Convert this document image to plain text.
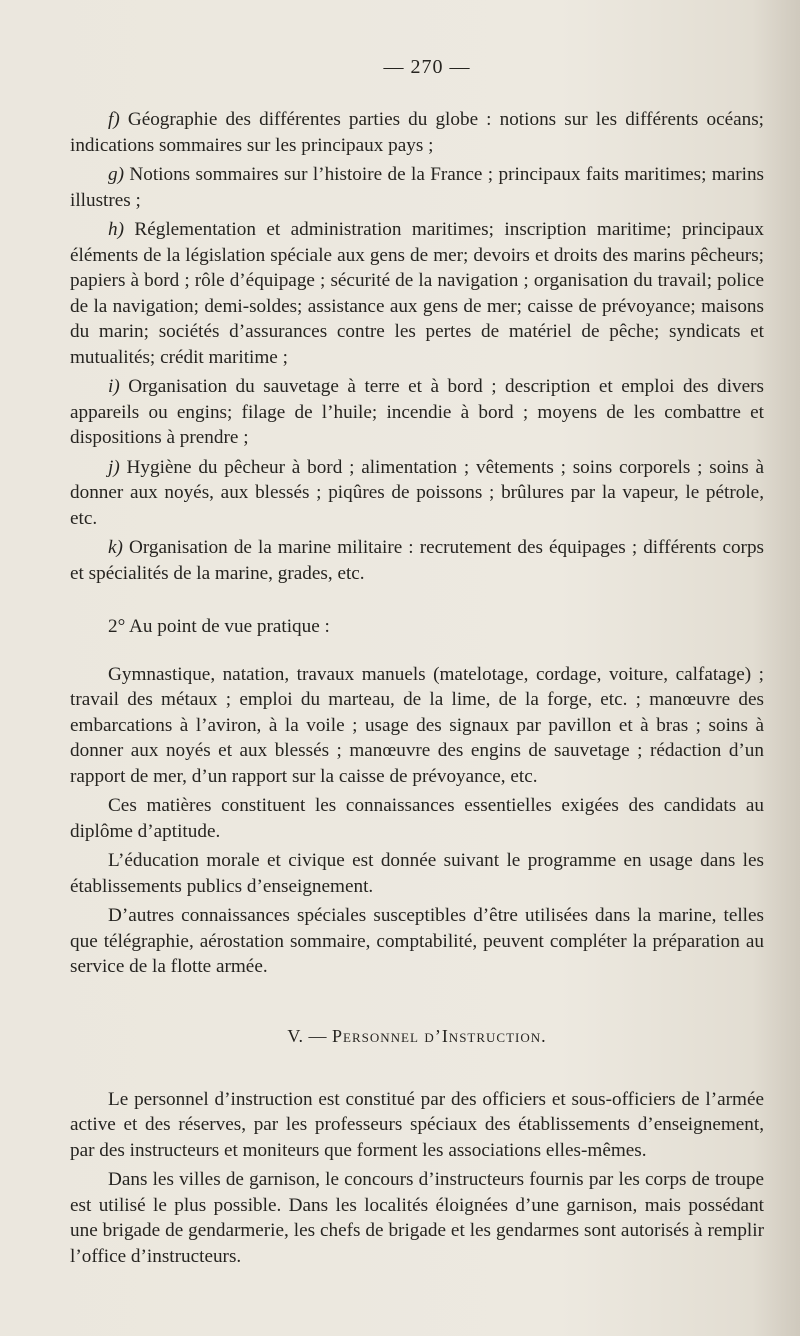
— 270 —

f) Géographie des différentes parties du globe : notions sur les différents océans; indications sommaires sur les principaux pays ;

g) Notions sommaires sur l’histoire de la France ; principaux faits maritimes; marins illustres ;

h) Réglementation et administration maritimes; inscription maritime; principaux éléments de la législation spéciale aux gens de mer; devoirs et droits des marins pêcheurs; papiers à bord ; rôle d’équipage ; sécurité de la navigation ; organisation du travail; police de la navigation; demi-soldes; assistance aux gens de mer; caisse de prévoyance; maisons du marin; sociétés d’assurances contre les pertes de matériel de pêche; syndicats et mutualités; crédit maritime ;

i) Organisation du sauvetage à terre et à bord ; description et emploi des divers appareils ou engins; filage de l’huile; incendie à bord ; moyens de les combattre et dispositions à prendre ;

j) Hygiène du pêcheur à bord ; alimentation ; vêtements ; soins corporels ; soins à donner aux noyés, aux blessés ; piqûres de poissons ; brûlures par la vapeur, le pétrole, etc.

k) Organisation de la marine militaire : recrutement des équipages ; différents corps et spécialités de la marine, grades, etc.

2° Au point de vue pratique :

Gymnastique, natation, travaux manuels (matelotage, cordage, voiture, calfatage) ; travail des métaux ; emploi du marteau, de la lime, de la forge, etc. ; manœuvre des embarcations à l’aviron, à la voile ; usage des signaux par pavillon et à bras ; soins à donner aux noyés et aux blessés ; manœuvre des engins de sauvetage ; rédaction d’un rapport de mer, d’un rapport sur la caisse de prévoyance, etc.

Ces matières constituent les connaissances essentielles exigées des candidats au diplôme d’aptitude.

L’éducation morale et civique est donnée suivant le programme en usage dans les établissements publics d’enseignement.

D’autres connaissances spéciales susceptibles d’être utilisées dans la marine, telles que télégraphie, aérostation sommaire, comptabilité, peuvent compléter la préparation au service de la flotte armée.

V. — Personnel d’Instruction.

Le personnel d’instruction est constitué par des officiers et sous-officiers de l’armée active et des réserves, par les professeurs spéciaux des établissements d’enseignement, par des instructeurs et moniteurs que forment les associations elles-mêmes.

Dans les villes de garnison, le concours d’instructeurs fournis par les corps de troupe est utilisé le plus possible. Dans les localités éloignées d’une garnison, mais possédant une brigade de gendarmerie, les chefs de brigade et les gendarmes sont autorisés à remplir l’office d’instructeurs.
